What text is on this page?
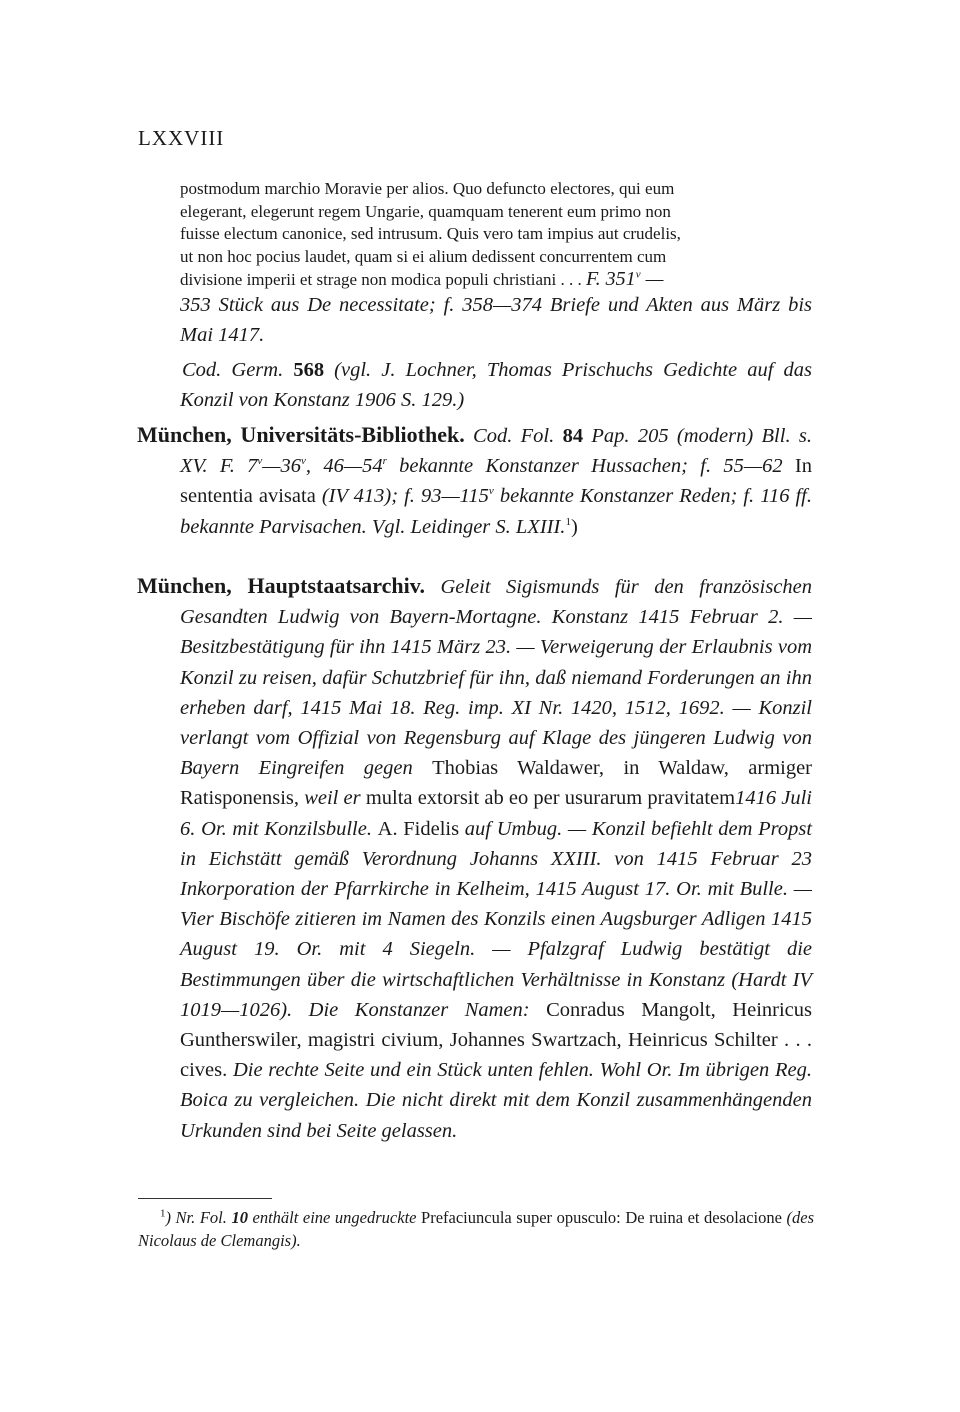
LXXVIII

postmodum marchio Moravie per alios. Quo defuncto electores, qui eum
elegerant, elegerunt regem Ungarie, quamquam tenerent eum primo non
fuisse electum canonice, sed intrusum. Quis vero tam impius aut crudelis,
ut non hoc pocius laudet, quam si ei alium dedissent concurrentem cum
divisione imperii et strage non modica populi christiani . . . F. 351$^v$ —

353 Stück aus De necessitate; f. 358—374 Briefe und Akten aus März bis Mai 1417.

Cod. Germ. 568 (vgl. J. Lochner, Thomas Prischuchs Gedichte auf das Konzil von Konstanz 1906 S. 129.)

München, Universitäts-Bibliothek. Cod. Fol. 84 Pap. 205 (modern) Bll. s. XV. F. 7$^v$—36$^v$, 46—54$^r$ bekannte Konstanzer Hussachen; f. 55—62 In sententia avisata (IV 413); f. 93—115$^v$ bekannte Konstanzer Reden; f. 116 ff. bekannte Parvisachen. Vgl. Leidinger S. LXIII.$^1$)

München, Hauptstaatsarchiv. Geleit Sigismunds für den französischen Gesandten Ludwig von Bayern-Mortagne. Konstanz 1415 Februar 2. — Besitzbestätigung für ihn 1415 März 23. — Verweigerung der Erlaubnis vom Konzil zu reisen, dafür Schutzbrief für ihn, daß niemand Forderungen an ihn erheben darf, 1415 Mai 18. Reg. imp. XI Nr. 1420, 1512, 1692. — Konzil verlangt vom Offizial von Regensburg auf Klage des jüngeren Ludwig von Bayern Eingreifen gegen Thobias Waldawer, in Waldaw, armiger Ratisponensis, weil er multa extorsit ab eo per usurarum pravitatem1416 Juli 6. Or. mit Konzilsbulle. A. Fidelis auf Umbug. — Konzil befiehlt dem Propst in Eichstätt gemäß Verordnung Johanns XXIII. von 1415 Februar 23 Inkorporation der Pfarrkirche in Kelheim, 1415 August 17. Or. mit Bulle. — Vier Bischöfe zitieren im Namen des Konzils einen Augsburger Adligen 1415 August 19. Or. mit 4 Siegeln. — Pfalzgraf Ludwig bestätigt die Bestimmungen über die wirtschaftlichen Verhältnisse in Konstanz (Hardt IV 1019—1026). Die Konstanzer Namen: Conradus Mangolt, Heinricus Guntherswiler, magistri civium, Johannes Swartzach, Heinricus Schilter . . . cives. Die rechte Seite und ein Stück unten fehlen. Wohl Or. Im übrigen Reg. Boica zu vergleichen. Die nicht direkt mit dem Konzil zusammenhängenden Urkunden sind bei Seite gelassen.

$^1$) Nr. Fol. 10 enthält eine ungedruckte Prefaciuncula super opusculo: De ruina et desolacione (des Nicolaus de Clemangis).
